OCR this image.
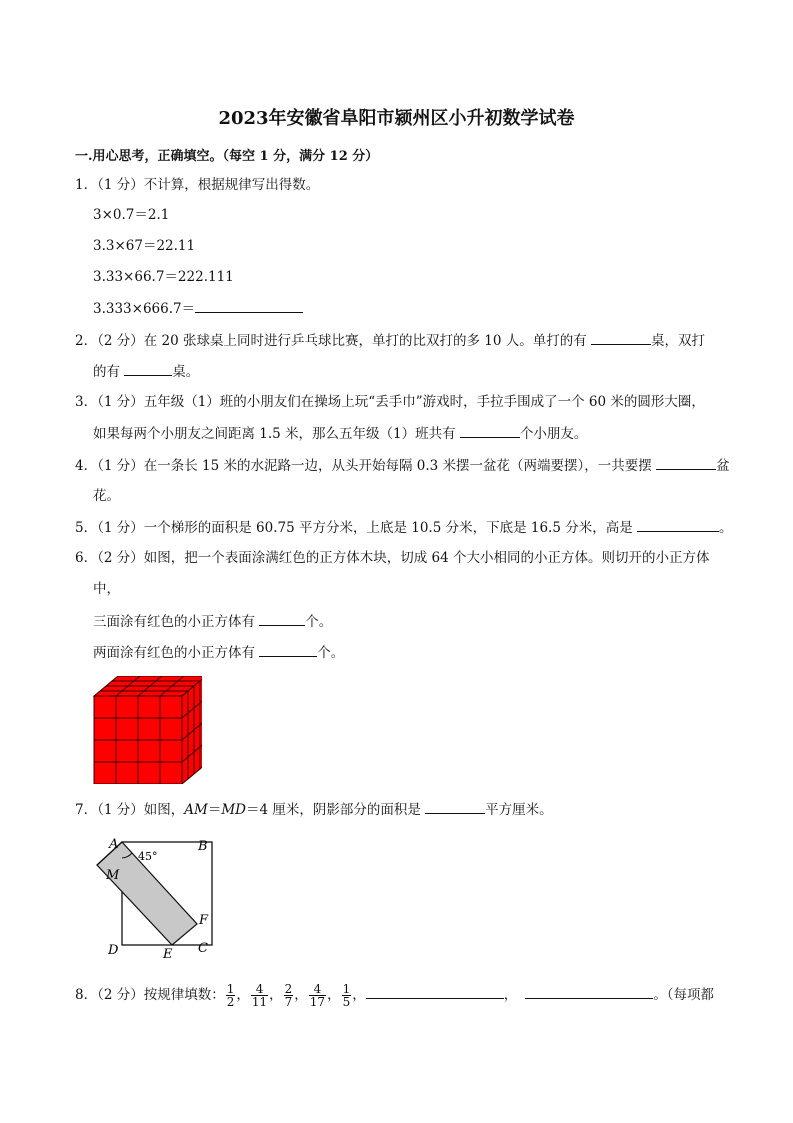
2023年安徽省阜阳市颍州区小升初数学试卷
一.用心思考，正确填空。（每空 1 分，满分 12 分）
1．（1 分）不计算，根据规律写出得数。
3×0.7＝2.1
3.3×67＝22.11
3.33×66.7＝222.111
3.333×666.7＝
2．（2 分）在 20 张球桌上同时进行乒乓球比赛，单打的比双打的多 10 人。单打的有	桌，双打
的有	桌。
3．（1 分）五年级（1）班的小朋友们在操场上玩“丢手巾”游戏时，手拉手围成了一个 60 米的圆形大圈，
如果每两个小朋友之间距离 1.5 米，那么五年级（1）班共有	个小朋友。
4．（1 分）在一条长 15 米的水泥路一边，从头开始每隔 0.3 米摆一盆花（两端要摆），一共要摆	盆
花。
5．（1 分）一个梯形的面积是 60.75 平方分米，上底是 10.5 分米，下底是 16.5 分米，高是	。
6．（2 分）如图，把一个表面涂满红色的正方体木块，切成 64 个大小相同的小正方体。则切开的小正方体
中，
三面涂有红色的小正方体有	个。
两面涂有红色的小正方体有	个。
7．（1 分）如图，AM＝MD＝4 厘米，阴影部分的面积是	平方厘米。
45°
A	B
M
F
D	E C
8．（2 分）按规律填数： $\frac{1}{2}$ ， $\frac{4}{11}$ ， $\frac{2}{7}$ ， $\frac{4}{17}$ ， $\frac{1}{5}$ ，	，	。（每项都
